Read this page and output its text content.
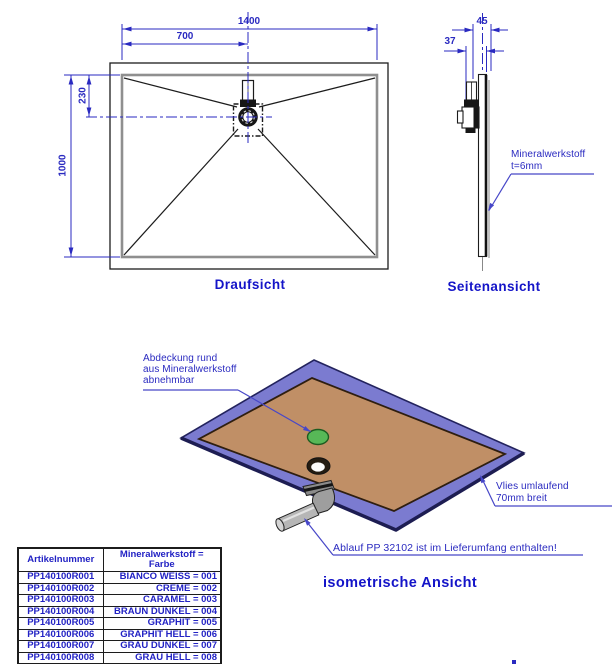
1400
700
230
1000
45
37
Draufsicht	Seitenansicht
isometrische Ansicht
Mineralwerkstoff
t=6mm
Abdeckung rund
aus Mineralwerkstoff
abnehmbar
Vlies umlaufend
70mm breit
Ablauf PP 32102 ist im Lieferumfang enthalten!
Artikelnummer	Mineralwerkstoff =
Farbe

PP140100R001	BIANCO WEISS = 001
PP140100R002	CREME = 002
PP140100R003	CARAMEL = 003
PP140100R004	BRAUN DUNKEL = 004
PP140100R005	GRAPHIT = 005
PP140100R006	GRAPHIT HELL = 006
PP140100R007	GRAU DUNKEL = 007
PP140100R008	GRAU HELL = 008
